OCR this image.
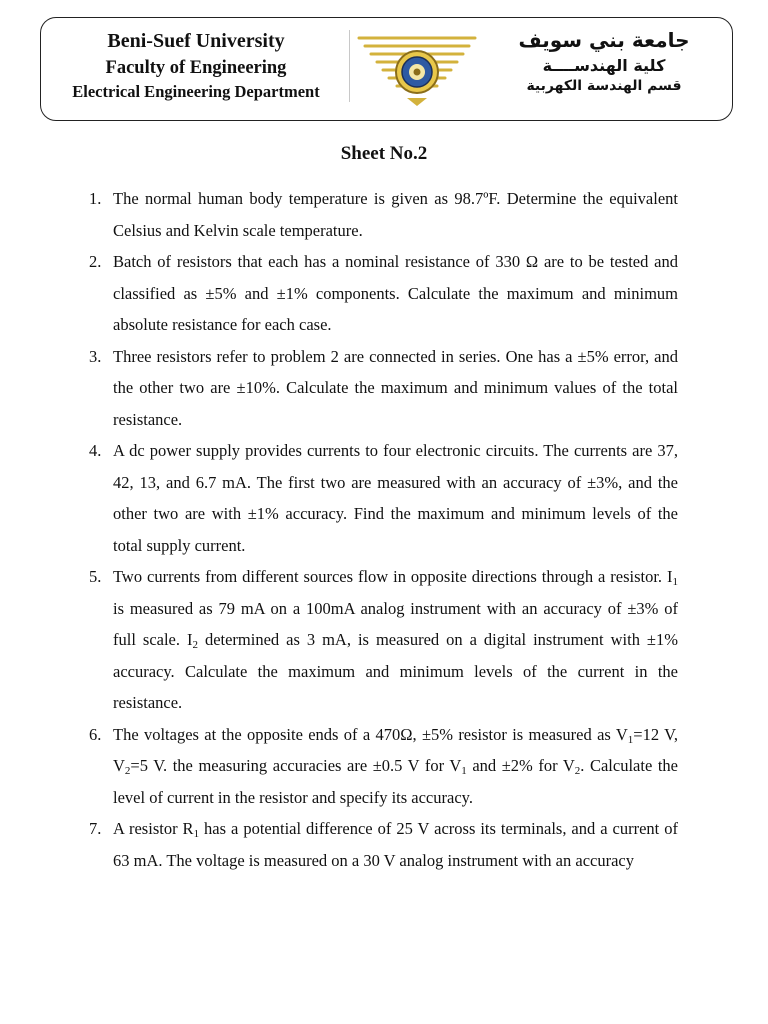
Beni-Suef University
Faculty of Engineering
Electrical Engineering Department
جامعة بني سويف
كلية الهندســــة
قسم الهندسة الكهربية
Sheet No.2
1. The normal human body temperature is given as 98.7ºF. Determine the equivalent Celsius and Kelvin scale temperature.
2. Batch of resistors that each has a nominal resistance of 330 Ω are to be tested and classified as ±5% and ±1% components. Calculate the maximum and minimum absolute resistance for each case.
3. Three resistors refer to problem 2 are connected in series. One has a ±5% error, and the other two are ±10%. Calculate the maximum and minimum values of the total resistance.
4. A dc power supply provides currents to four electronic circuits. The currents are 37, 42, 13, and 6.7 mA. The first two are measured with an accuracy of ±3%, and the other two are with ±1% accuracy. Find the maximum and minimum levels of the total supply current.
5. Two currents from different sources flow in opposite directions through a resistor. $I_1$ is measured as 79 mA on a 100mA analog instrument with an accuracy of ±3% of full scale. $I_2$ determined as 3 mA, is measured on a digital instrument with ±1% accuracy. Calculate the maximum and minimum levels of the current in the resistance.
6. The voltages at the opposite ends of a 470Ω, ±5% resistor is measured as $V_1=12$ V, $V_2=5$ V. the measuring accuracies are ±0.5 V for $V_1$ and ±2% for $V_2$. Calculate the level of current in the resistor and specify its accuracy.
7. A resistor $R_1$ has a potential difference of 25 V across its terminals, and a current of 63 mA. The voltage is measured on a 30 V analog instrument with an accuracy
